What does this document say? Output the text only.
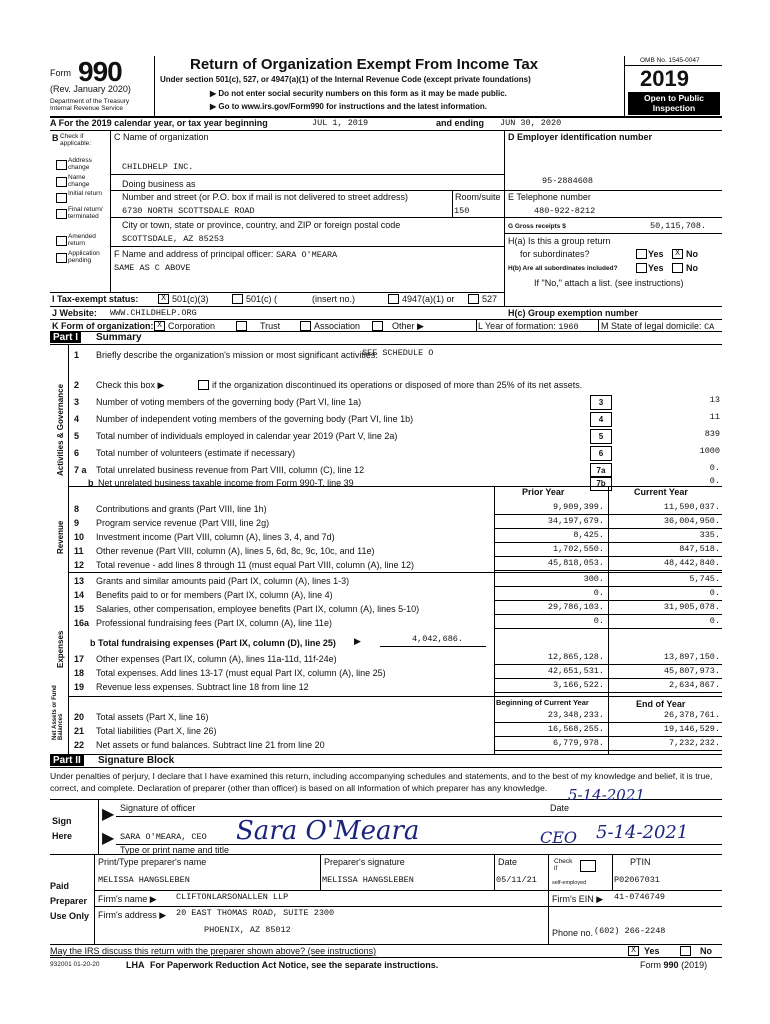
Form 990
(Rev. January 2020)
Department of the Treasury
Internal Revenue Service
Return of Organization Exempt From Income Tax
Under section 501(c), 527, or 4947(a)(1) of the Internal Revenue Code (except private foundations)
▶ Do not enter social security numbers on this form as it may be made public.
▶ Go to www.irs.gov/Form990 for instructions and the latest information.
OMB No. 1545-0047
2019
Open to Public
Inspection
A For the 2019 calendar year, or tax year beginning	JUL 1, 2019	and ending JUN 30, 2020
B Check if applicable:
Address change
Name change
Initial return
Final return/ terminated
Amended return
Application pending
C Name of organization
CHILDHELP INC.
Doing business as
Number and street (or P.O. box if mail is not delivered to street address)
6730 NORTH SCOTTSDALE ROAD
Room/suite
150
City or town, state or province, country, and ZIP or foreign postal code
SCOTTSDALE, AZ 85253
F Name and address of principal officer: SARA O'MEARA
SAME AS C ABOVE
D Employer identification number
95-2884608
E Telephone number
480-922-8212
G Gross receipts $	50,115,708.
H(a) Is this a group return
for subordinates?	Yes	X No
H(b) Are all subordinates included?	Yes No
If "No," attach a list. (see instructions)
I Tax-exempt status:	X 501(c)(3)	501(c) (	(insert no.)	4947(a)(1) or	527
J Website: WWW.CHILDHELP.ORG	H(c) Group exemption number
K Form of organization: X Corporation	Trust	Association	Other ▶	L Year of formation: 1960 M State of legal domicile: CA
Part I	Summary
Activities & Governance
Revenue
Expenses
Net Assets or Fund Balances
1 Briefly describe the organization's mission or most significant activities:
SEE SCHEDULE O
2 Check this box ▶	if the organization discontinued its operations or disposed of more than 25% of its net assets.
3 Number of voting members of the governing body (Part VI, line 1a)	3	13
4 Number of independent voting members of the governing body (Part VI, line 1b)	4	11
5 Total number of individuals employed in calendar year 2019 (Part V, line 2a)	5	839
6 Total number of volunteers (estimate if necessary)	6	1000
7 a Total unrelated business revenue from Part VIII, column (C), line 12	7a	0.
b Net unrelated business taxable income from Form 990-T, line 39	7b	0.
Prior Year	Current Year
8 Contributions and grants (Part VIII, line 1h)	9,909,399.	11,590,037.
9 Program service revenue (Part VIII, line 2g)	34,197,679.	36,004,950.
10 Investment income (Part VIII, column (A), lines 3, 4, and 7d)	8,425.	335.
11 Other revenue (Part VIII, column (A), lines 5, 6d, 8c, 9c, 10c, and 11e)	1,702,550.	847,518.
12 Total revenue - add lines 8 through 11 (must equal Part VIII, column (A), line 12)	45,818,053.	48,442,840.
13 Grants and similar amounts paid (Part IX, column (A), lines 1-3)	300.	5,745.
14 Benefits paid to or for members (Part IX, column (A), line 4)	0.	0.
15 Salaries, other compensation, employee benefits (Part IX, column (A), lines 5-10)	29,786,103.	31,905,078.
16a Professional fundraising fees (Part IX, column (A), line 11e)	0.	0.
b Total fundraising expenses (Part IX, column (D), line 25) ▶	4,042,686.
17 Other expenses (Part IX, column (A), lines 11a-11d, 11f-24e)	12,865,128.	13,897,150.
18 Total expenses. Add lines 13-17 (must equal Part IX, column (A), line 25)	42,651,531.	45,807,973.
19 Revenue less expenses. Subtract line 18 from line 12	3,166,522.	2,634,867.
Beginning of Current Year	End of Year
20 Total assets (Part X, line 16)	23,348,233.	26,378,761.
21 Total liabilities (Part X, line 26)	16,568,255.	19,146,529.
22 Net assets or fund balances. Subtract line 21 from line 20	6,779,978.	7,232,232.
Part II	Signature Block
Under penalties of perjury, I declare that I have examined this return, including accompanying schedules and statements, and to the best of my knowledge and belief, it is true, correct, and complete. Declaration of preparer (other than officer) is based on all information of which preparer has any knowledge.
Sign
Here
▶
▶
Signature of officer	Date
5-14-2021
SARA O'MEARA, CEO Sara O'Meara	CEO 5-14-2021
Type or print name and title
Paid
Preparer
Use Only
Print/Type preparer's name	Preparer's signature	Date	Check
if
self-employed
PTIN
MELISSA HANGSLEBEN	MELISSA HANGSLEBEN	05/11/21	P02067031
Firm's name ▶ CLIFTONLARSONALLEN LLP	Firm's EIN ▶ 41-0746749
Firm's address ▶ 20 EAST THOMAS ROAD, SUITE 2300
PHOENIX, AZ 85012	Phone no. (602) 266-2248
May the IRS discuss this return with the preparer shown above? (see instructions)	X Yes	No
932001 01-20-20	LHA For Paperwork Reduction Act Notice, see the separate instructions.	Form 990 (2019)
